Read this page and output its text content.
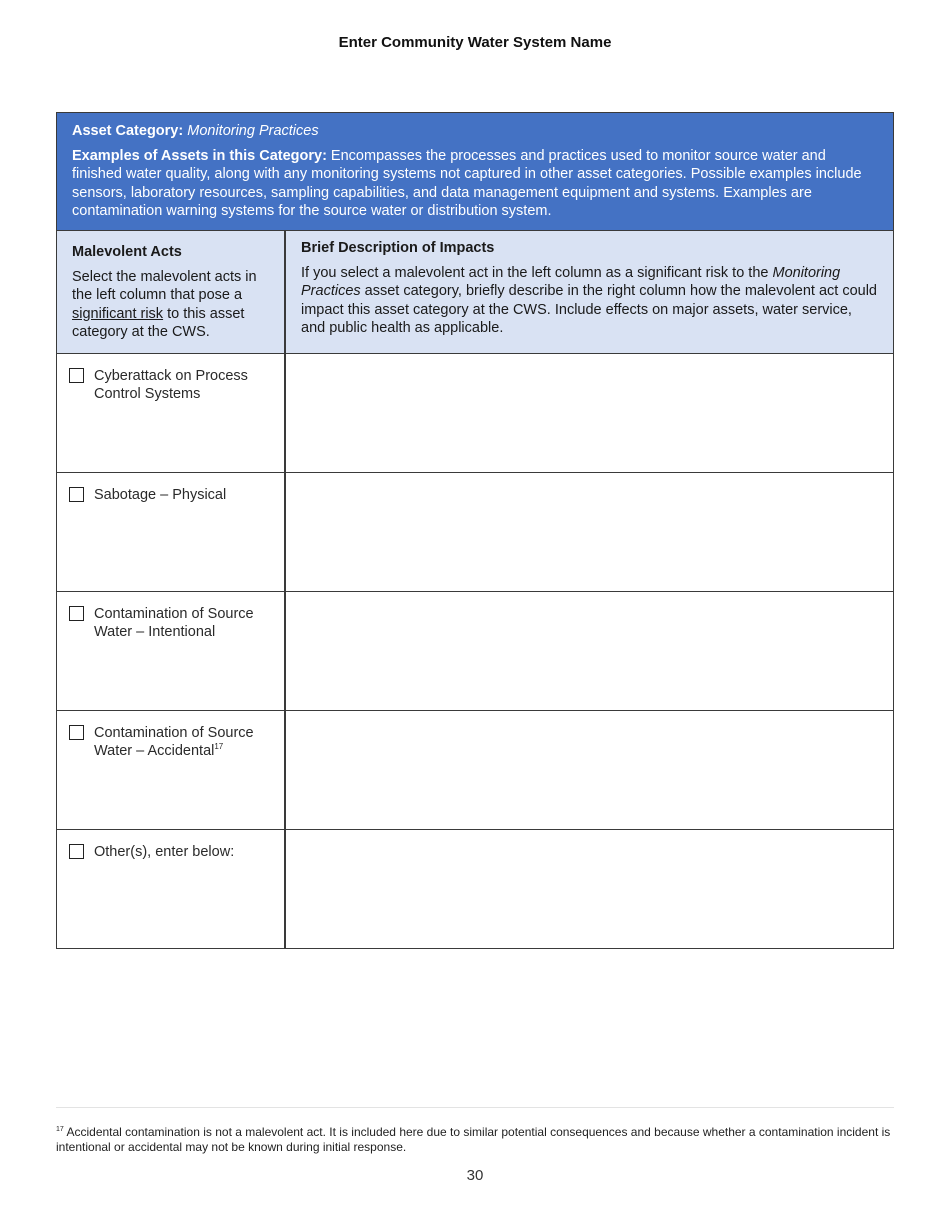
Enter Community Water System Name
Asset Category: Monitoring Practices
Examples of Assets in this Category: Encompasses the processes and practices used to monitor source water and finished water quality, along with any monitoring systems not captured in other asset categories. Possible examples include sensors, laboratory resources, sampling capabilities, and data management equipment and systems. Examples are contamination warning systems for the source water or distribution system.
Malevolent Acts
Select the malevolent acts in the left column that pose a significant risk to this asset category at the CWS.
Brief Description of Impacts
If you select a malevolent act in the left column as a significant risk to the Monitoring Practices asset category, briefly describe in the right column how the malevolent act could impact this asset category at the CWS. Include effects on major assets, water service, and public health as applicable.
Cyberattack on Process Control Systems
Sabotage – Physical
Contamination of Source Water – Intentional
Contamination of Source Water – Accidental$^{17}$
Other(s), enter below:
$^{17}$ Accidental contamination is not a malevolent act. It is included here due to similar potential consequences and because whether a contamination incident is intentional or accidental may not be known during initial response.
30
